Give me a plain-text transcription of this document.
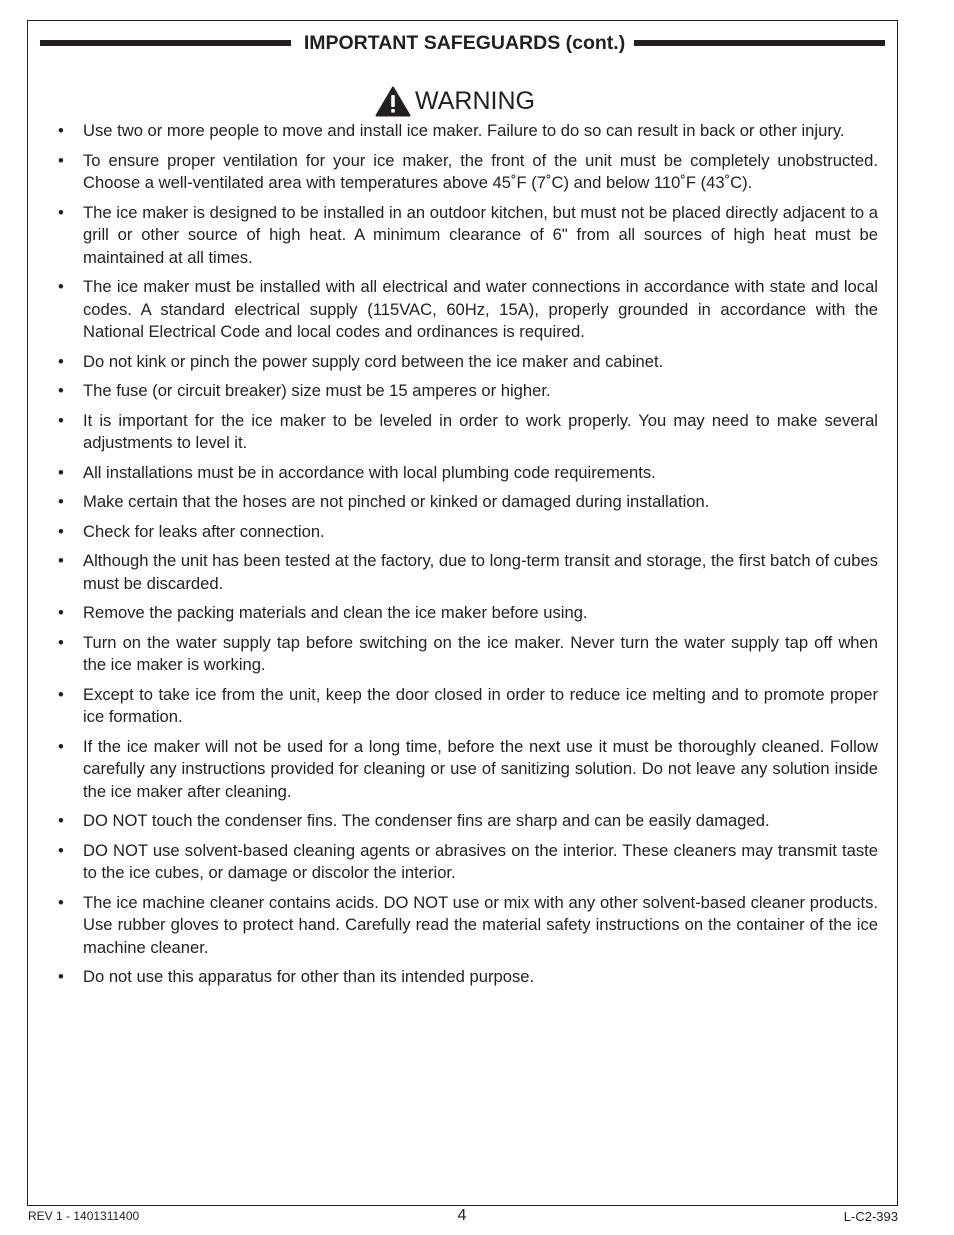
IMPORTANT SAFEGUARDS (cont.)
WARNING
• Use two or more people to move and install ice maker. Failure to do so can result in back or other injury.
• To ensure proper ventilation for your ice maker, the front of the unit must be completely unobstructed. Choose a well-ventilated area with temperatures above 45˚F (7˚C) and below 110˚F (43˚C).
• The ice maker is designed to be installed in an outdoor kitchen, but must not be placed directly adjacent to a grill or other source of high heat. A minimum clearance of 6" from all sources of high heat must be maintained at all times.
• The ice maker must be installed with all electrical and water connections in accordance with state and local codes. A standard electrical supply (115VAC, 60Hz, 15A), properly grounded in accordance with the National Electrical Code and local codes and ordinances is required.
• Do not kink or pinch the power supply cord between the ice maker and cabinet.
• The fuse (or circuit breaker) size must be 15 amperes or higher.
• It is important for the ice maker to be leveled in order to work properly. You may need to make several adjustments to level it.
• All installations must be in accordance with local plumbing code requirements.
• Make certain that the hoses are not pinched or kinked or damaged during installation.
• Check for leaks after connection.
• Although the unit has been tested at the factory, due to long-term transit and storage, the first batch of cubes must be discarded.
• Remove the packing materials and clean the ice maker before using.
• Turn on the water supply tap before switching on the ice maker. Never turn the water supply tap off when the ice maker is working.
• Except to take ice from the unit, keep the door closed in order to reduce ice melting and to promote proper ice formation.
• If the ice maker will not be used for a long time, before the next use it must be thoroughly cleaned. Follow carefully any instructions provided for cleaning or use of sanitizing solution. Do not leave any solution inside the ice maker after cleaning.
• DO NOT touch the condenser fins. The condenser fins are sharp and can be easily damaged.
• DO NOT use solvent-based cleaning agents or abrasives on the interior. These cleaners may transmit taste to the ice cubes, or damage or discolor the interior.
• The ice machine cleaner contains acids. DO NOT use or mix with any other solvent-based cleaner products. Use rubber gloves to protect hand. Carefully read the material safety instructions on the container of the ice machine cleaner.
• Do not use this apparatus for other than its intended purpose.
REV 1 - 1401311400	4	L-C2-393
